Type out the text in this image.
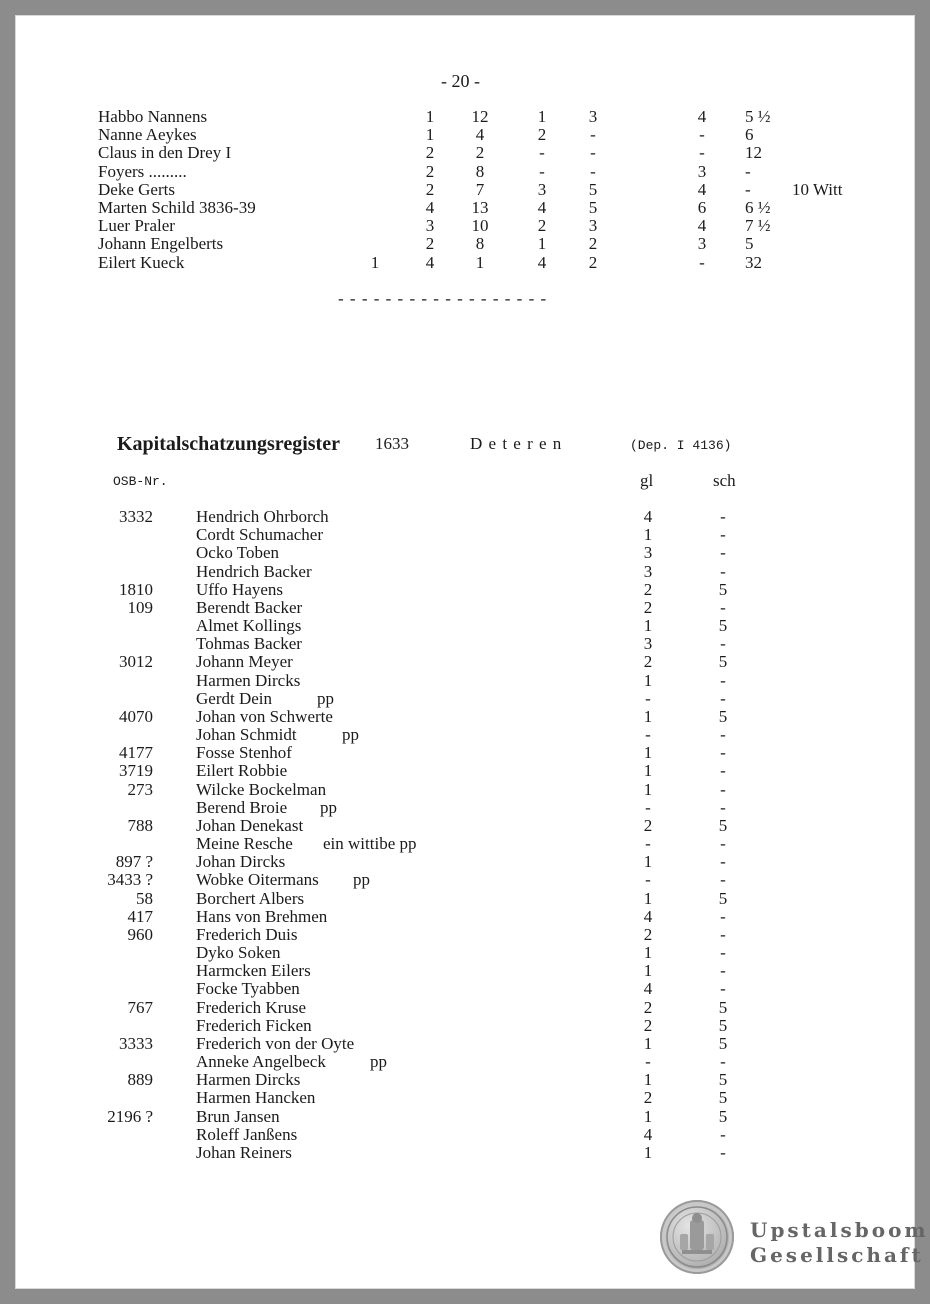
- 20 -
Habbo Nannens	1	12	1	3	4	5 ½
Nanne Aeykes	1	4	2	-	-	6
Claus in den Drey I	2	2	-	-	-	12
Foyers .........	2	8	-	-	3	-
Deke Gerts	2	7	3	5	4	-	10 Witt
Marten Schild 3836-39	4	13	4	5	6	6 ½
Luer Praler	3	10	2	3	4	7 ½
Johann Engelberts	2	8	1	2	3	5
Eilert Kueck	1	4	1	4	2	-	32
- - - - - - - - - - - - - - - - - -
Kapitalschatzungsregister 1633	D e t e r e n	(Dep. I 4136)
OSB-Nr.	gl	sch
3332	Hendrich Ohrborch	4	-
Cordt Schumacher	1	-
Ocko Toben	3	-
Hendrich Backer	3	-
1810	Uffo Hayens	2	5
109	Berendt Backer	2	-
Almet Kollings	1	5
Tohmas Backer	3	-
3012	Johann Meyer	2	5
Harmen Dircks	1	-
Gerdt Dein	pp	-	-
4070	Johan von Schwerte	1	5
Johan Schmidt	pp	-	-
4177	Fosse Stenhof	1	-
3719	Eilert Robbie	1	-
273	Wilcke Bockelman	1	-
Berend Broie pp	-	-
788	Johan Denekast	2	5
Meine Resche ein wittibe pp	-	-
897 ?	Johan Dircks	1	-
3433 ?	Wobke Oitermans pp	-	-
58	Borchert Albers	1	5
417	Hans von Brehmen	4	-
960	Frederich Duis	2	-
Dyko Soken	1	-
Harmcken Eilers	1	-
Focke Tyabben	4	-
767	Frederich Kruse	2	5
Frederich Ficken	2	5
3333	Frederich von der Oyte	1	5
Anneke Angelbeck	pp	-	-
889	Harmen Dircks	1	5
Harmen Hancken	2	5
2196 ?	Brun Jansen	1	5
Roleff Janßens	4	-
Johan Reiners	1	-
Upstalsboom
Gesellschaft
